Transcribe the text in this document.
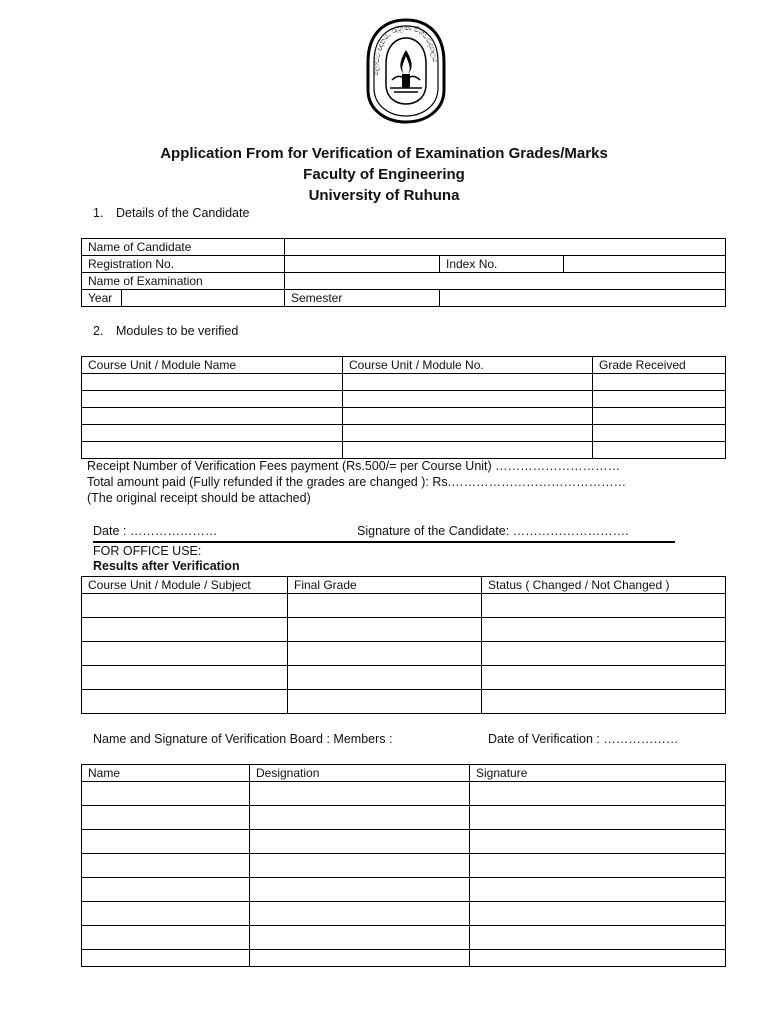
ලොවට ඥානය, රුහුණ විශ්වවිද්‍යාලය
Application From for Verification of Examination Grades/Marks
Faculty of Engineering
University of Ruhuna
1. Details of the Candidate
Name of Candidate				
Registration No.			Index No.	
Name of Examination				
Year		Semester		
2. Modules to be verified
Course Unit / Module Name	Course Unit / Module No.	Grade Received

Receipt Number of Verification Fees payment (Rs.500/= per Course Unit) …………………………
Total amount paid (Fully refunded if the grades are changed ): Rs.……………………………………
(The original receipt should be attached)
Date : …………………	Signature of the Candidate: ……………………….
FOR OFFICE USE:
Results after Verification
Course Unit / Module / Subject	Final Grade	Status ( Changed / Not Changed )

Name and Signature of Verification Board : Members :	Date of Verification : ………………
Name	Designation	Signature
